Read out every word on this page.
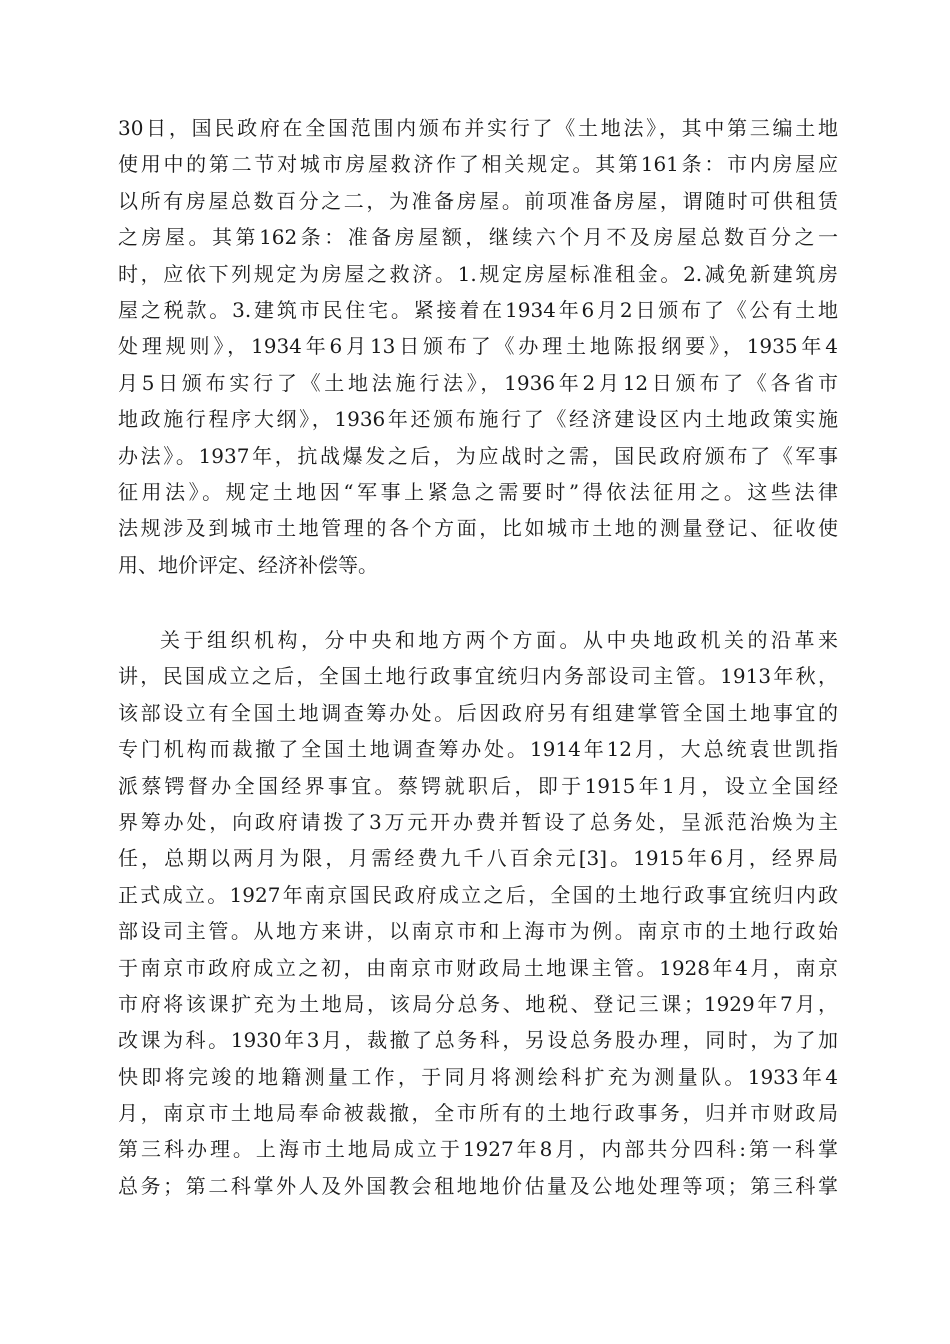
30日，国民政府在全国范围内颁布并实行了《土地法》，其中第三编土地
使用中的第二节对城市房屋救济作了相关规定。其第161条：市内房屋应
以所有房屋总数百分之二，为准备房屋。前项准备房屋，谓随时可供租赁
之房屋。其第162条：准备房屋额，继续六个月不及房屋总数百分之一
时，应依下列规定为房屋之救济。1.规定房屋标准租金。2.减免新建筑房
屋之税款。3.建筑市民住宅。紧接着在1934年6月2日颁布了《公有土地
处理规则》，1934年6月13日颁布了《办理土地陈报纲要》，1935年4
月5日颁布实行了《土地法施行法》，1936年2月12日颁布了《各省市
地政施行程序大纲》，1936年还颁布施行了《经济建设区内土地政策实施
办法》。1937年，抗战爆发之后，为应战时之需，国民政府颁布了《军事
征用法》。规定土地因“军事上紧急之需要时”得依法征用之。这些法律
法规涉及到城市土地管理的各个方面，比如城市土地的测量登记、征收使
用、地价评定、经济补偿等。
关于组织机构，分中央和地方两个方面。从中央地政机关的沿革来
讲，民国成立之后，全国土地行政事宜统归内务部设司主管。1913年秋，
该部设立有全国土地调查筹办处。后因政府另有组建掌管全国土地事宜的
专门机构而裁撤了全国土地调查筹办处。1914年12月，大总统袁世凯指
派蔡锷督办全国经界事宜。蔡锷就职后，即于1915年1月，设立全国经
界筹办处，向政府请拨了3万元开办费并暂设了总务处，呈派范治焕为主
任，总期以两月为限，月需经费九千八百余元[3]。1915年6月，经界局
正式成立。1927年南京国民政府成立之后，全国的土地行政事宜统归内政
部设司主管。从地方来讲，以南京市和上海市为例。南京市的土地行政始
于南京市政府成立之初，由南京市财政局土地课主管。1928年4月，南京
市府将该课扩充为土地局，该局分总务、地税、登记三课；1929年7月，
改课为科。1930年3月，裁撤了总务科，另设总务股办理，同时，为了加
快即将完竣的地籍测量工作，于同月将测绘科扩充为测量队。1933年4
月，南京市土地局奉命被裁撤，全市所有的土地行政事务，归并市财政局
第三科办理。上海市土地局成立于1927年8月，内部共分四科:第一科掌
总务；第二科掌外人及外国教会租地地价估量及公地处理等项；第三科掌
